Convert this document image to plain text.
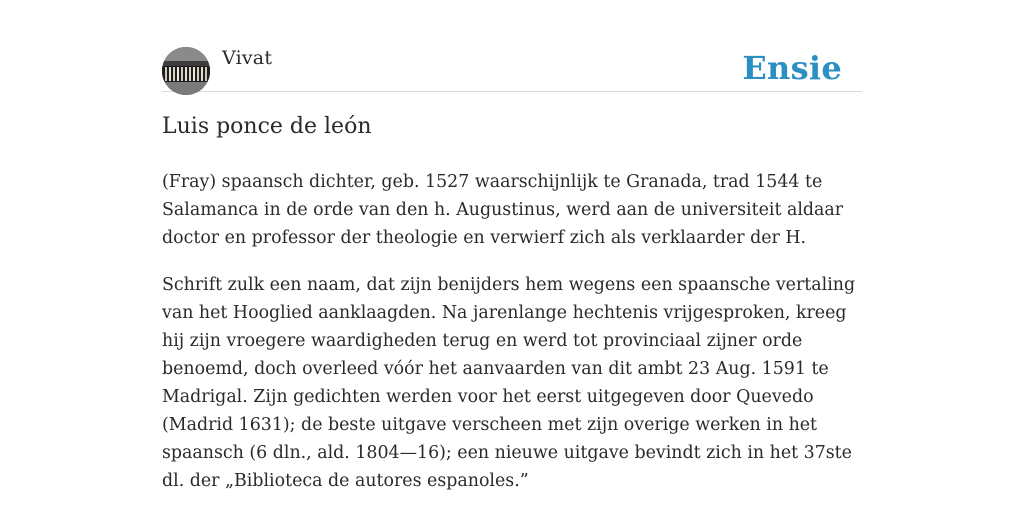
Vivat	Ensie
Luis ponce de león

(Fray) spaansch dichter, geb. 1527 waarschijnlijk te Granada, trad 1544 te Salamanca in de orde van den h. Augustinus, werd aan de universiteit aldaar doctor en professor der theologie en verwierf zich als verklaarder der H.

Schrift zulk een naam, dat zijn benijders hem wegens een spaansche vertaling van het Hooglied aanklaagden. Na jarenlange hechtenis vrijgesproken, kreeg hij zijn vroegere waardigheden terug en werd tot provinciaal zijner orde benoemd, doch overleed vóór het aanvaarden van dit ambt 23 Aug. 1591 te Madrigal. Zijn gedichten werden voor het eerst uitgegeven door Quevedo (Madrid 1631); de beste uitgave verscheen met zijn overige werken in het spaansch (6 dln., ald. 1804—16); een nieuwe uitgave bevindt zich in het 37ste dl. der „Biblioteca de autores espanoles.”
